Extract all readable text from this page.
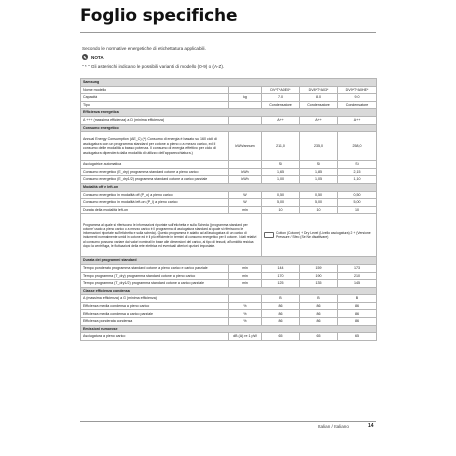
Foglio specifiche
Secondo le normative energetiche di etichettatura applicabili.
✎ NOTA
" * " Gli asterischi indicano le possibili varianti di modello (0-9) o (A-Z).
Samsung				
Nome modello		DV*T*A0E0*	DV8*T*A03*	DV9*T*A0HE*
Capacità	kg	7.0	8.0	9.0
Tipo		Condensatore	Condensatore	Condensatore
Efficienza energetica				
A +++ (massima efficienza) a D (minima efficienza)		A++	A++	A++
Consumo energetico				
Annual Energy Consumption (AE_C) (*) Consumo di energia è basato su 160 cicli di asciugatura con un programma standard per cotone a pieno o a mezzo carico, ed il consumo delle modalità a basso potenza. Il consumo di energia effettivo per ciclo di asciugatura dipenderà dalla modalità di utilizzo dell'apparecchiatura.)	kWh/annum	211,0	235,0	258,0
Asciugatrice automatica		Sì	Sì	Sì
Consumo energetico (E_dry) programma standard cotone a pieno carico	kWh	1,65	1,85	2,15
Consumo energetico (E_dry1/2) programma standard cotone a carico parziale	kWh	1,00	1,05	1,10
Modalità off e left-on				
Consumo energetico in modalità off (P_o) a pieno carico	W	0,50	0,50	0,50
Consumo energetico in modalità left-on (P_l) a pieno carico	W	5,00	5,00	5,00
Durata della modalità left-on	min	10	10	10
Programma al quale si riferiscono le informazioni riportate sull'etichetta e sulla Scheda ('programma standard per cotone' usato a pieno carico o a mezzo carico è il programma di asciugatura standard al quale si riferiscono le informazioni riportate sull'etichetta e sulla scheda). Questo programma è adatto ad all'asciugatura di un carico di indumenti normalmente umidi in cotone ed è il più efficiente in termini di consumo energetico per il cotone. I dati relativi al consumo possono variare dai valori nominali in base alle dimensioni del carico, al tipo di tessuti, all'umidità residua dopo la centrifuga, le fluttuazioni della rete elettrica ed eventuali ulteriori opzioni impostate.		Cotton (Cotone) + Dry Level (Livello asciugatura) 2 + (Versione Pressure / Sfeo (Se Ne disattivare)		

Durata dei programmi standard				
Tempo ponderato programma standard cotone a pieno carico e carico parziale	min	144	159	173
Tempo programma (T_dry) programma standard cotone a pieno carico	min	170	190	210
Tempo programma (T_dry1/2) programma standard cotone a carico parziale	min	125	135	145
Classe efficienza condensa				
A (massima efficienza) a G (minima efficienza)		B	B	B
Efficienza media condensa a pieno carico	%	86	86	86
Efficienza media condensa a carico parziale	%	86	86	86
Efficienza ponderata condensa	%	86	86	86
Emissioni rumorose				
Asciugatura a pieno carico	dB (A) re 1 pW	65	65	65
Italian / Italiano	14
